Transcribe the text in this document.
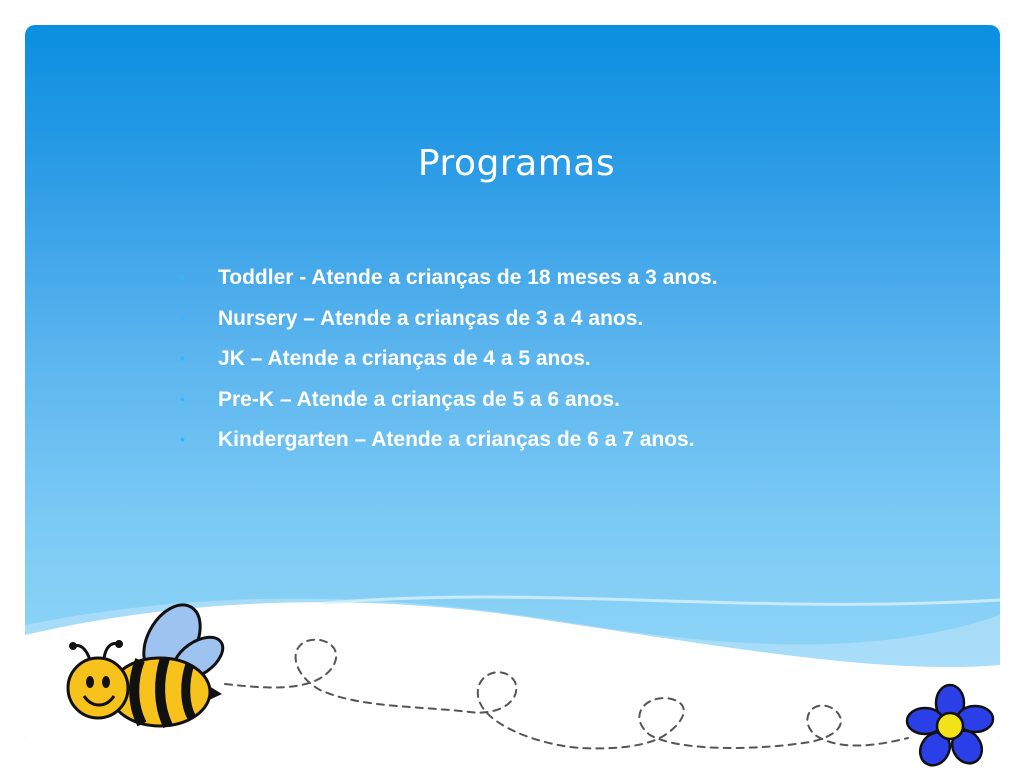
Programas
•	Toddler - Atende a crianças de 18 meses a 3 anos.
•	Nursery – Atende a crianças de 3 a 4 anos.
•	JK – Atende a crianças de 4 a 5 anos.
•	Pre-K – Atende a crianças de 5 a 6 anos.
•	Kindergarten – Atende a crianças de 6 a 7 anos.
